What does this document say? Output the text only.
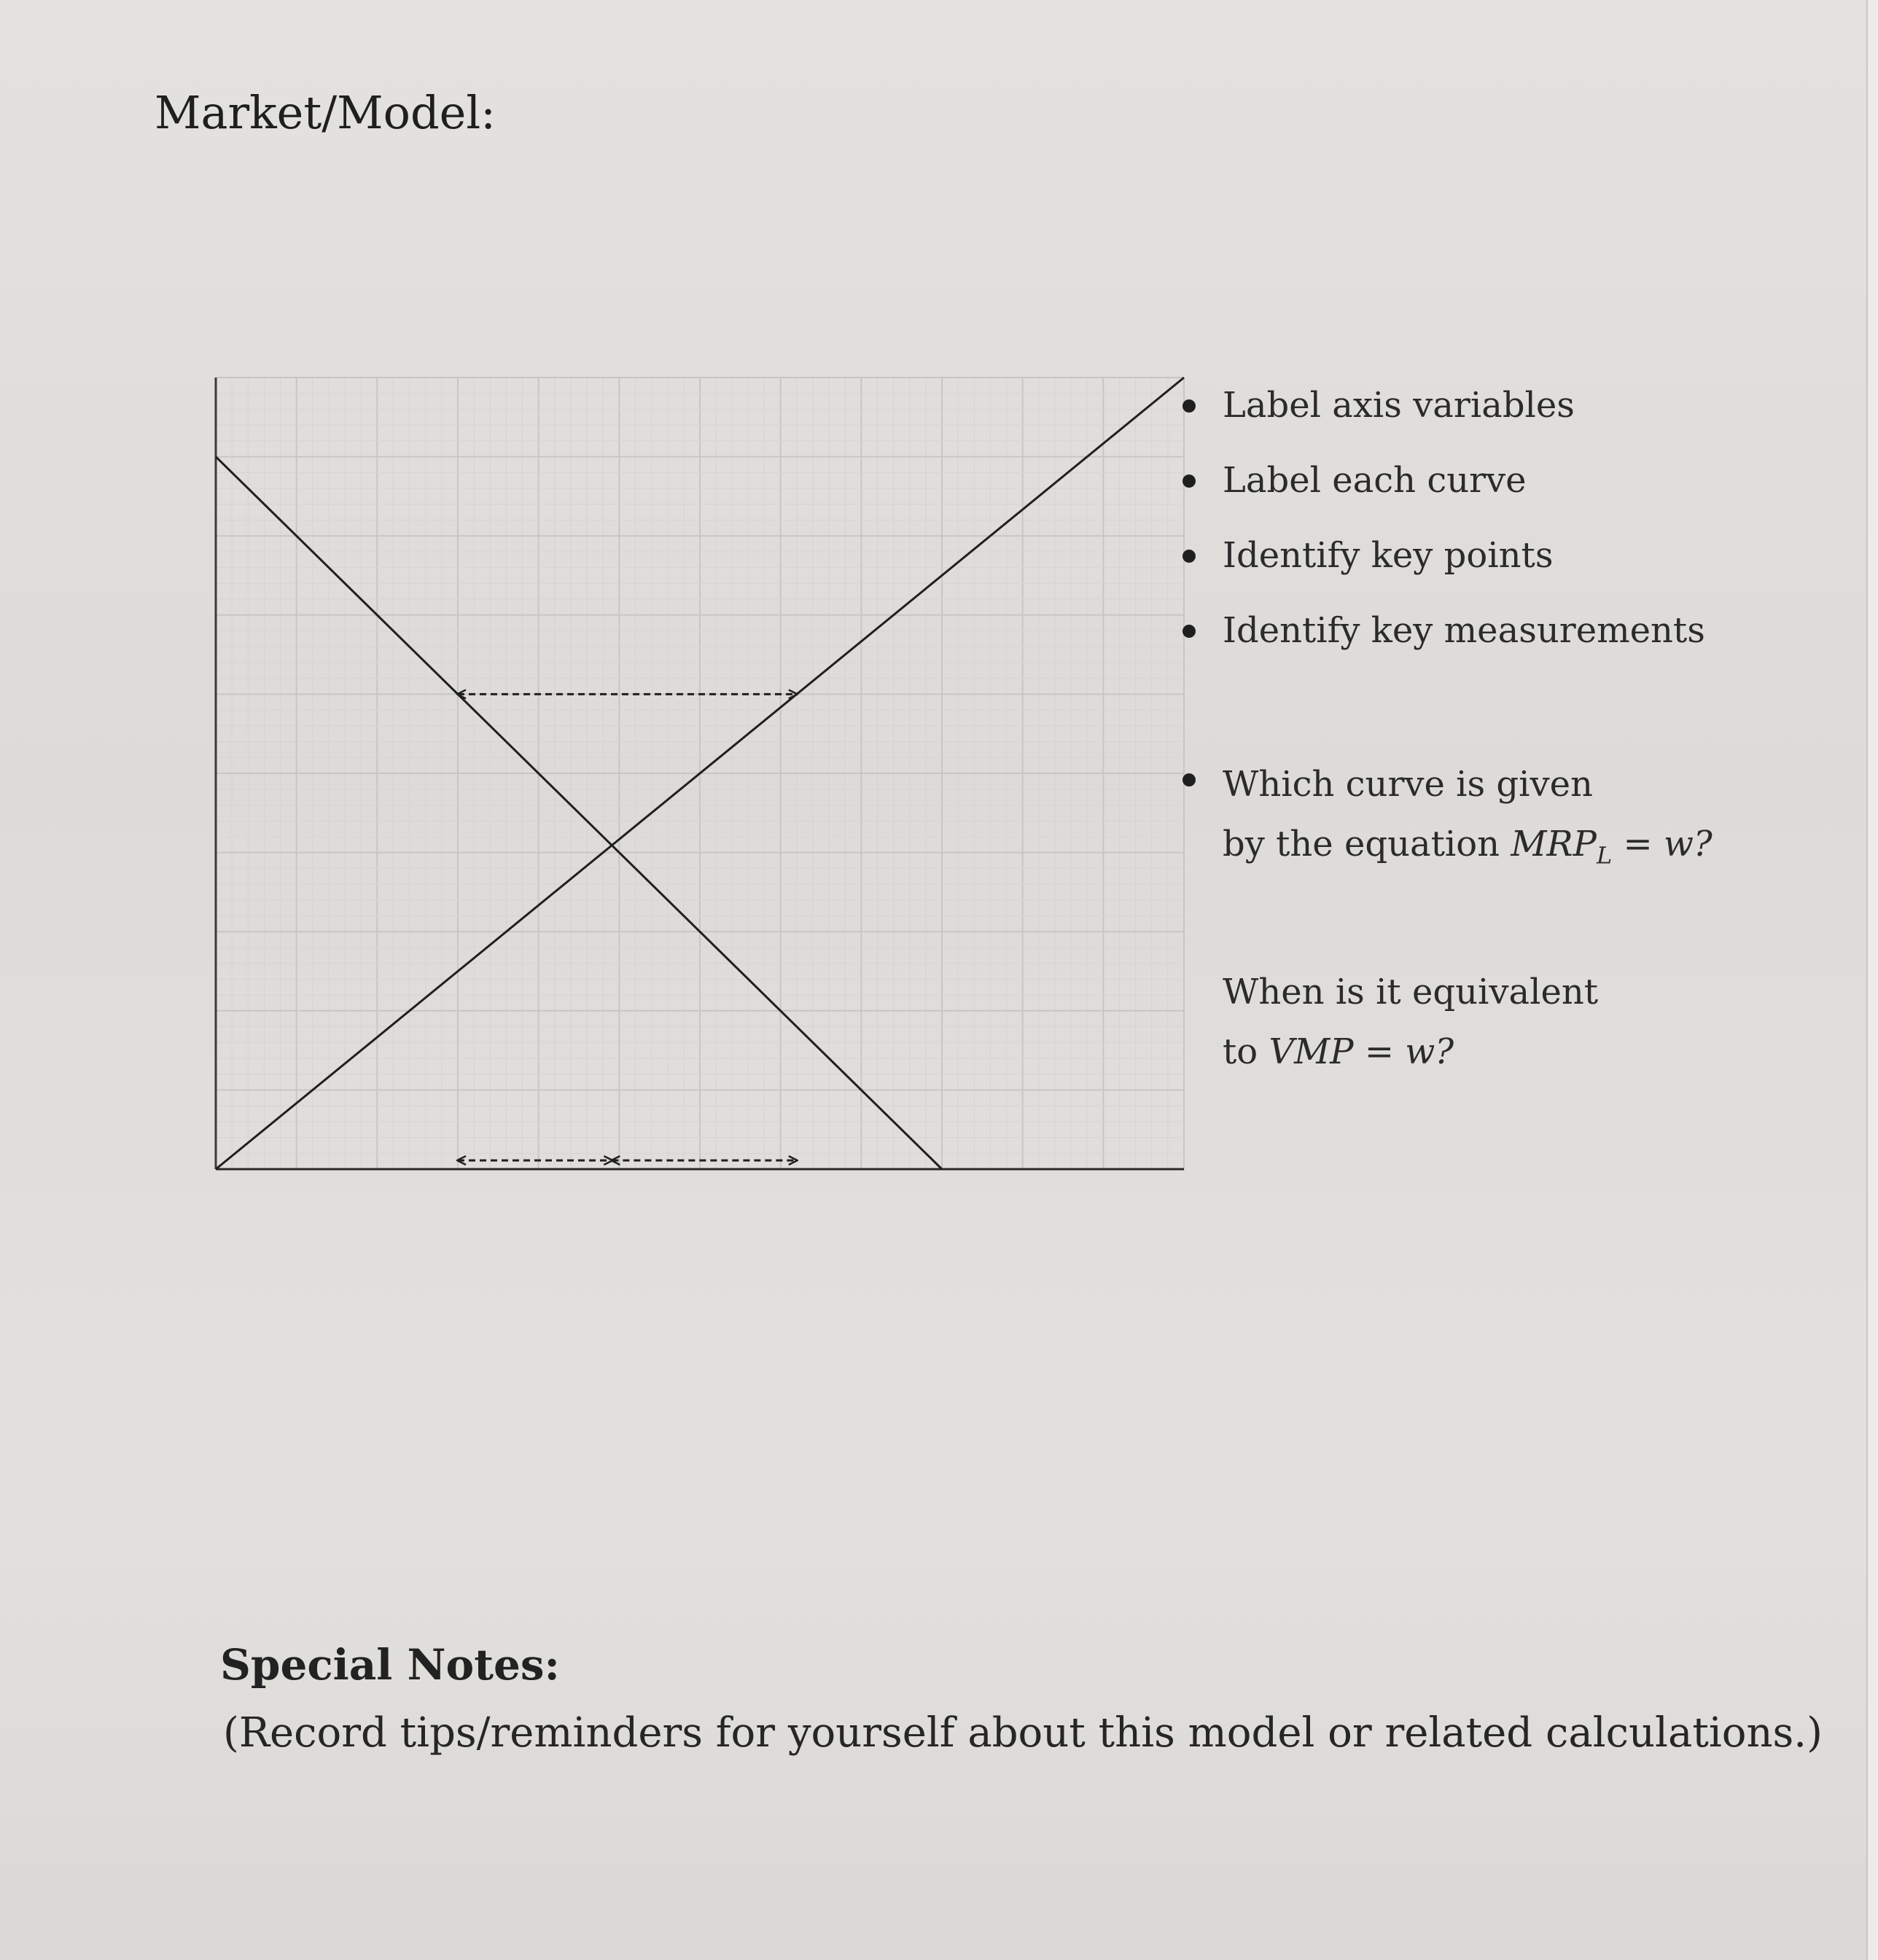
Market/Model:
Label axis variables
Label each curve
Identify key points
Identify key measurements
Which curve is given
by the equation $MRP_L = w$?
When is it equivalent
to VMP = w?
Special Notes:

(Record tips/reminders for yourself about this model or related calculations.)
